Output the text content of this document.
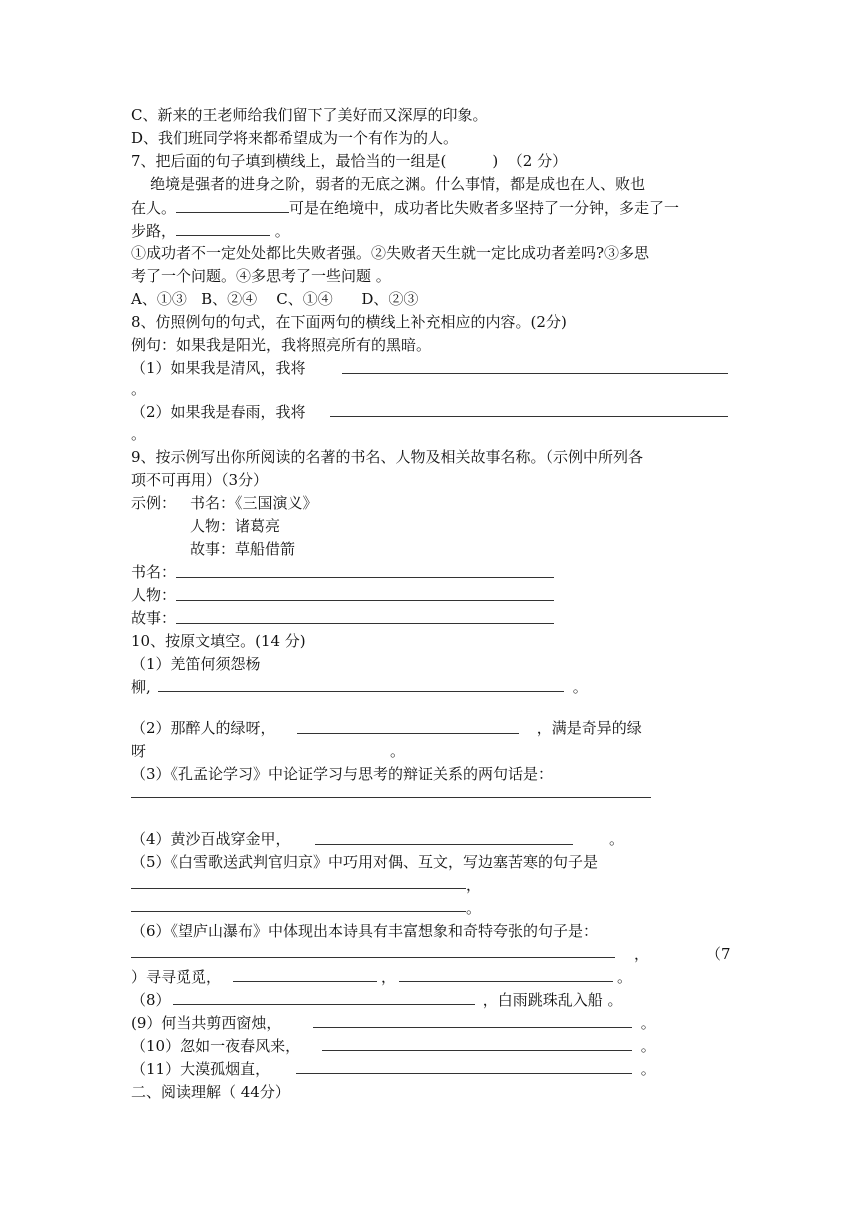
C、新来的王老师给我们留下了美好而又深厚的印象。
D、我们班同学将来都希望成为一个有作为的人。
7、把后面的句子填到横线上，最恰当的一组是(	)  （2 分）
绝境是强者的进身之阶，弱者的无底之渊。什么事情，都是成也在人、败也
在人。	可是在绝境中，成功者比失败者多坚持了一分钟，多走了一
步路，	。
①成功者不一定处处都比失败者强。②失败者天生就一定比成功者差吗?③多思
考了一个问题。④多思考了一些问题 。
A、①③   B、②④    C、①④      D、②③
8、仿照例句的句式，在下面两句的横线上补充相应的内容。(2分)
例句：如果我是阳光，我将照亮所有的黑暗。
（1）如果我是清风，我将
。
（2）如果我是春雨，我将
。
9、按示例写出你所阅读的名著的书名、人物及相关故事名称。（示例中所列各
项不可再用）（3分）
示例： 书名：《三国演义》
人物：诸葛亮
故事：草船借箭
书名：
人物：
故事：
10、按原文填空。(14 分)
（1）羌笛何须怨杨
柳,	。
（2）那醉人的绿呀，	，满是奇异的绿
呀	。
（3）《孔孟论学习》中论证学习与思考的辩证关系的两句话是：
（4）黄沙百战穿金甲，	。
（5）《白雪歌送武判官归京》中巧用对偶、互文，写边塞苦寒的句子是
，
。
（6）《望庐山瀑布》中体现出本诗具有丰富想象和奇特夸张的句子是：
，	（7
）寻寻觅觅，	，	。
（8）	，白雨跳珠乱入船 。
(9）何当共剪西窗烛，	。
（10）忽如一夜春风来，	。
（11）大漠孤烟直，	。
二、阅读理解（ 44分）
